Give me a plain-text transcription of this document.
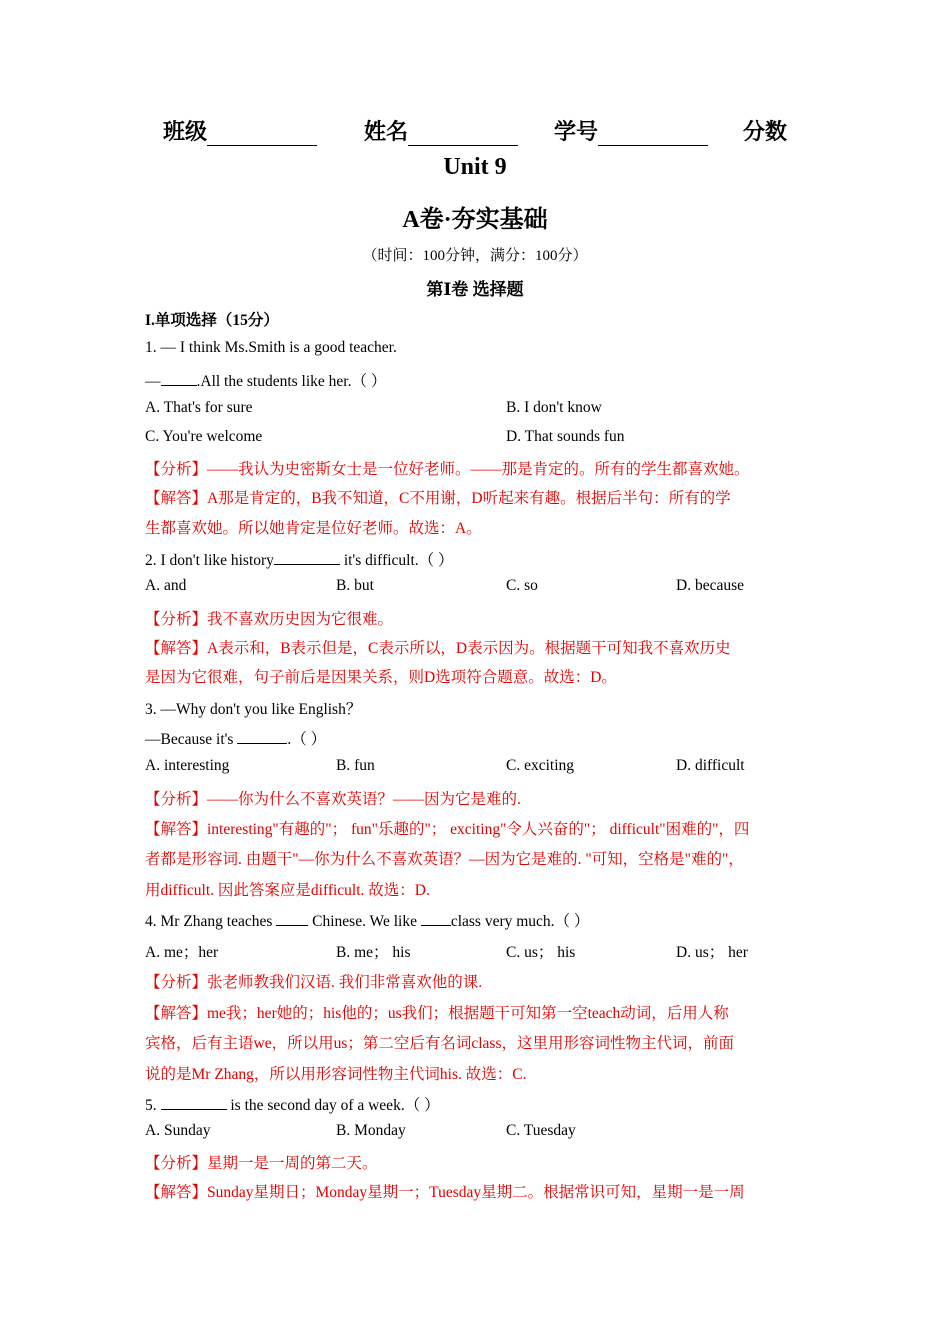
班级	姓名	学号	分数
Unit 9
A卷·夯实基础
（时间：100分钟，满分：100分）
第Ⅰ卷 选择题
I.单项选择（15分）
1. — I think Ms.Smith is a good teacher.
— .All the students like her.（ ）
A. That's for sure	B. I don't know
C. You're welcome	D. That sounds fun
【分析】——我认为史密斯女士是一位好老师。——那是肯定的。所有的学生都喜欢她。
【解答】A那是肯定的，B我不知道，C不用谢，D听起来有趣。根据后半句：所有的学
生都喜欢她。所以她肯定是位好老师。故选：A。
2. I don't like history	it's difficult.（ ）
A. and	B. but	C. so	D. because
【分析】我不喜欢历史因为它很难。
【解答】A表示和，B表示但是，C表示所以，D表示因为。根据题干可知我不喜欢历史
是因为它很难，句子前后是因果关系，则D选项符合题意。故选：D。
3. —Why don't you like English？
—Because it's	.（ ）
A. interesting	B. fun	C. exciting	D. difficult
【分析】——你为什么不喜欢英语？——因为它是难的.
【解答】interesting"有趣的"； fun"乐趣的"； exciting"令人兴奋的"； difficult"困难的"，四
者都是形容词. 由题干"—你为什么不喜欢英语？—因为它是难的. "可知，空格是"难的"，
用difficult. 因此答案应是difficult. 故选：D.
4. Mr Zhang teaches  Chinese. We like class very much.（ ）
A. me；her	B. me； his	C. us； his	D. us； her
【分析】张老师教我们汉语. 我们非常喜欢他的课.
【解答】me我；her她的；his他的；us我们；根据题干可知第一空teach动词，后用人称
宾格，后有主语we，所以用us；第二空后有名词class，这里用形容词性物主代词，前面
说的是Mr Zhang，所以用形容词性物主代词his. 故选：C.
5.	is the second day of a week.（ ）
A. Sunday	B. Monday	C. Tuesday
【分析】星期一是一周的第二天。
【解答】Sunday星期日；Monday星期一；Tuesday星期二。根据常识可知，星期一是一周
